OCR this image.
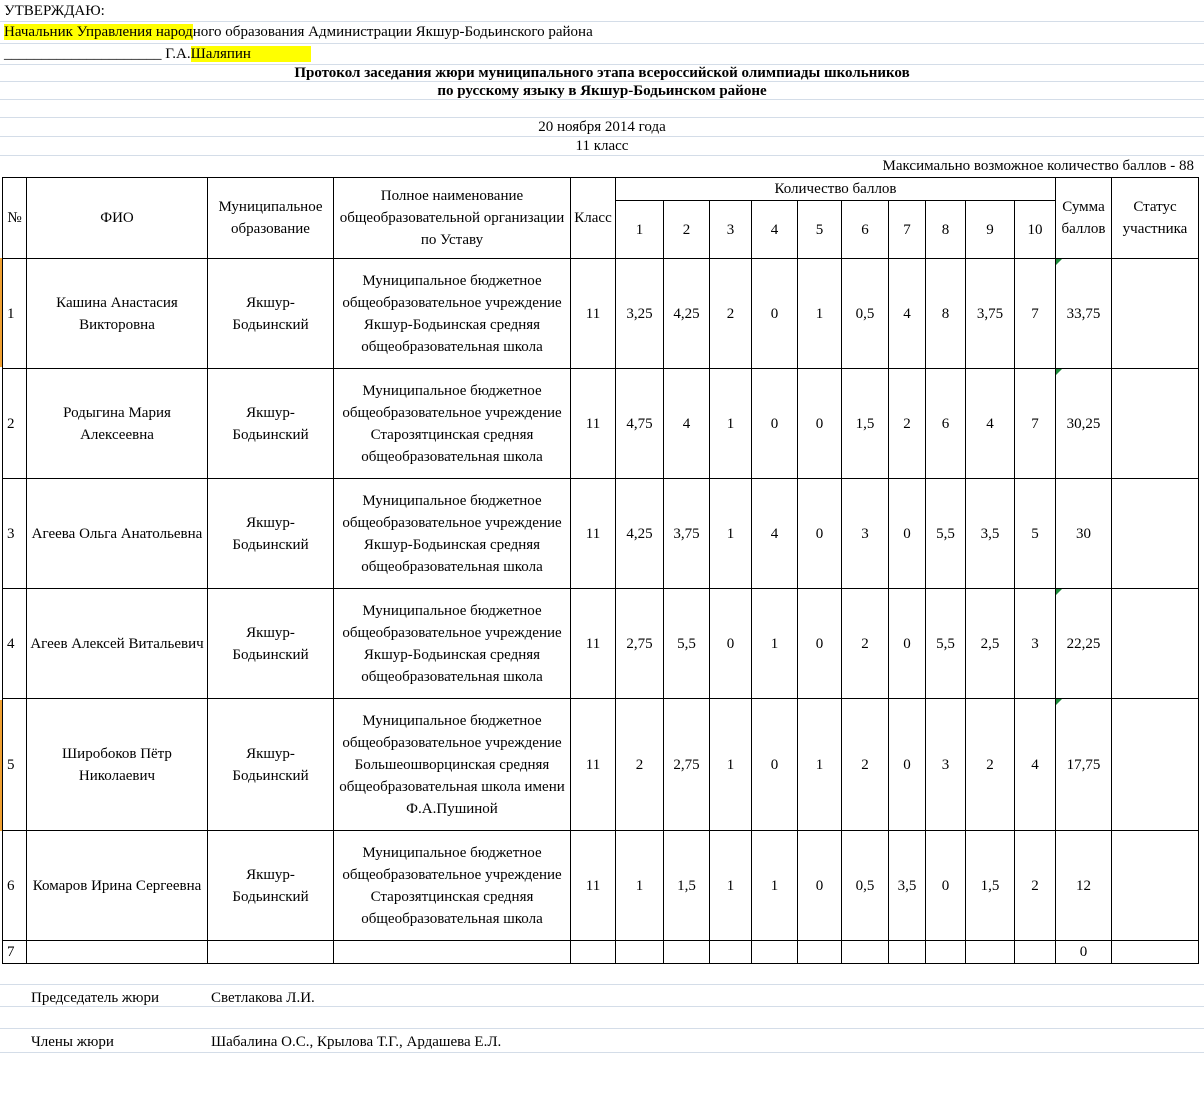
УТВЕРЖДАЮ:
Начальник Управления народного образования Администрации Якшур-Бодьинского района
_____________________ Г.А.Шаляпин
Протокол заседания жюри муниципального этапа всероссийской олимпиады школьников
по русскому языку в Якшур-Бодьинском районе
20 ноября 2014 года
11 класс
Максимально возможное количество баллов - 88
№	ФИО	Муниципальное образование	Полное наименование общеобразовательной организации по Уставу	Класс	Количество баллов										Сумма баллов	Статус участника
					1	2	3	4	5	6	7	8	9	10		
1	Кашина Анастасия Викторовна	Якшур-Бодьинский	Муниципальное бюджетное общеобразовательное учреждение Якшур-Бодьинская средняя общеобразовательная школа	11	3,25	4,25	2	0	1	0,5	4	8	3,75	7	33,75	
2	Родыгина Мария Алексеевна	Якшур-Бодьинский	Муниципальное бюджетное общеобразовательное учреждение Старозятцинская средняя общеобразовательная школа	11	4,75	4	1	0	0	1,5	2	6	4	7	30,25	
3	Агеева Ольга Анатольевна	Якшур-Бодьинский	Муниципальное бюджетное общеобразовательное учреждение Якшур-Бодьинская средняя общеобразовательная школа	11	4,25	3,75	1	4	0	3	0	5,5	3,5	5	30	
4	Агеев Алексей Витальевич	Якшур-Бодьинский	Муниципальное бюджетное общеобразовательное учреждение Якшур-Бодьинская средняя общеобразовательная школа	11	2,75	5,5	0	1	0	2	0	5,5	2,5	3	22,25	
5	Широбоков Пётр Николаевич	Якшур-Бодьинский	Муниципальное бюджетное общеобразовательное учреждение Большеошворцинская средняя общеобразовательная школа имени Ф.А.Пушиной	11	2	2,75	1	0	1	2	0	3	2	4	17,75	
6	Комаров Ирина Сергеевна	Якшур-Бодьинский	Муниципальное бюджетное общеобразовательное учреждение Старозятцинская средняя общеобразовательная школа	11	1	1,5	1	1	0	0,5	3,5	0	1,5	2	12	
7															0	
Председатель жюри	Светлакова Л.И.
Члены жюри	Шабалина О.С., Крылова Т.Г., Ардашева Е.Л.
